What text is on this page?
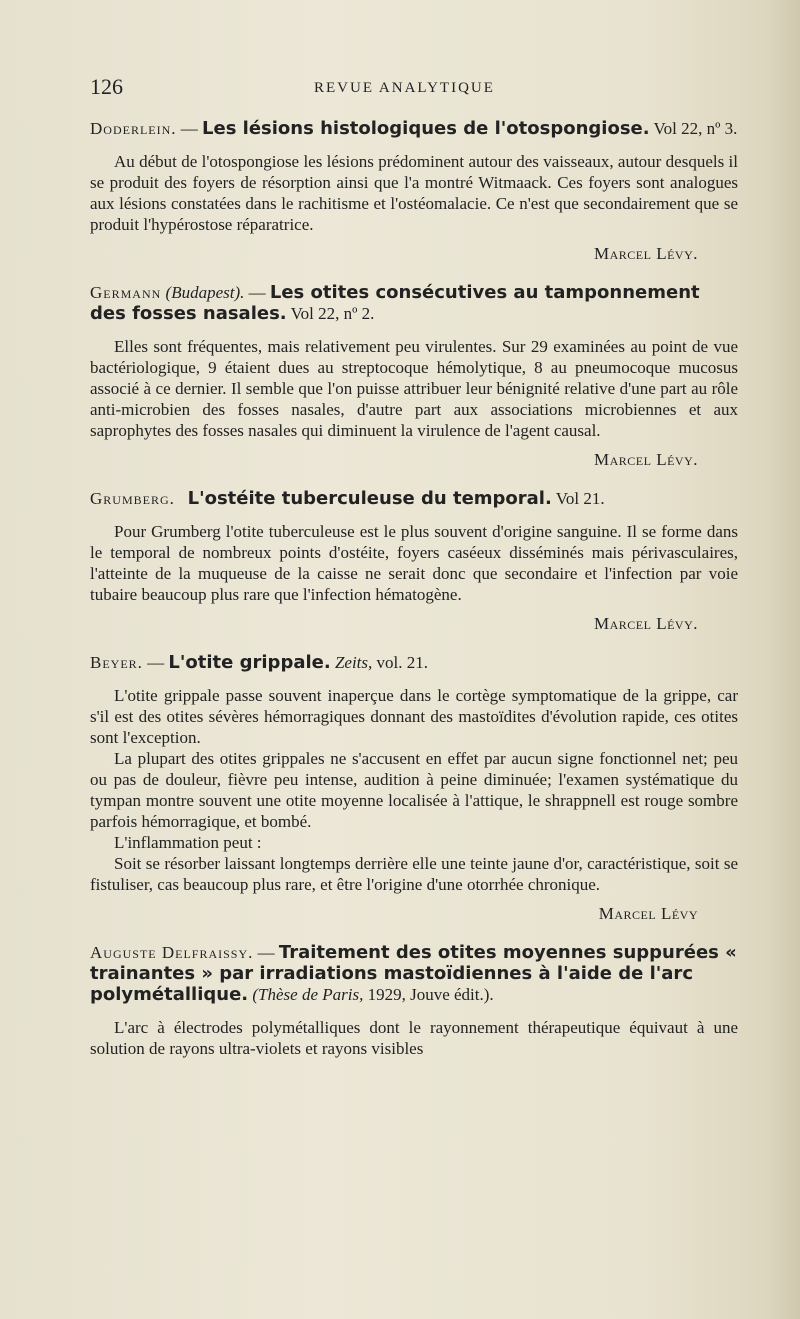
126	REVUE ANALYTIQUE
Doderlein. — Les lésions histologiques de l'otospongiose. Vol 22, nº 3.

Au début de l'otospongiose les lésions prédominent autour des vaisseaux, autour desquels il se produit des foyers de résorption ainsi que l'a montré Witmaack. Ces foyers sont analogues aux lésions constatées dans le rachitisme et l'ostéomalacie. Ce n'est que secondairement que se produit l'hypérostose réparatrice.

Marcel Lévy.
Germann (Budapest). — Les otites consécutives au tamponnement des fosses nasales. Vol 22, nº 2.

Elles sont fréquentes, mais relativement peu virulentes. Sur 29 examinées au point de vue bactériologique, 9 étaient dues au streptocoque hémolytique, 8 au pneumocoque mucosus associé à ce dernier. Il semble que l'on puisse attribuer leur bénignité relative d'une part au rôle anti-microbien des fosses nasales, d'autre part aux associations microbiennes et aux saprophytes des fosses nasales qui diminuent la virulence de l'agent causal.

Marcel Lévy.
Grumberg. L'ostéite tuberculeuse du temporal. Vol 21.

Pour Grumberg l'otite tuberculeuse est le plus souvent d'origine sanguine. Il se forme dans le temporal de nombreux points d'ostéite, foyers caséeux disséminés mais périvasculaires, l'atteinte de la muqueuse de la caisse ne serait donc que secondaire et l'infection par voie tubaire beaucoup plus rare que l'infection hématogène.

Marcel Lévy.
Beyer. — L'otite grippale. Zeits, vol. 21.

L'otite grippale passe souvent inaperçue dans le cortège symptomatique de la grippe, car s'il est des otites sévères hémorragiques donnant des mastoïdites d'évolution rapide, ces otites sont l'exception.

La plupart des otites grippales ne s'accusent en effet par aucun signe fonctionnel net; peu ou pas de douleur, fièvre peu intense, audition à peine diminuée; l'examen systématique du tympan montre souvent une otite moyenne localisée à l'attique, le shrappnell est rouge sombre parfois hémorragique, et bombé.

L'inflammation peut :

Soit se résorber laissant longtemps derrière elle une teinte jaune d'or, caractéristique, soit se fistuliser, cas beaucoup plus rare, et être l'origine d'une otorrhée chronique.

Marcel Lévy
Auguste Delfraissy. — Traitement des otites moyennes suppurées « trainantes » par irradiations mastoïdiennes à l'aide de l'arc polymétallique. (Thèse de Paris, 1929, Jouve édit.).

L'arc à électrodes polymétalliques dont le rayonnement thérapeutique équivaut à une solution de rayons ultra-violets et rayons visibles
